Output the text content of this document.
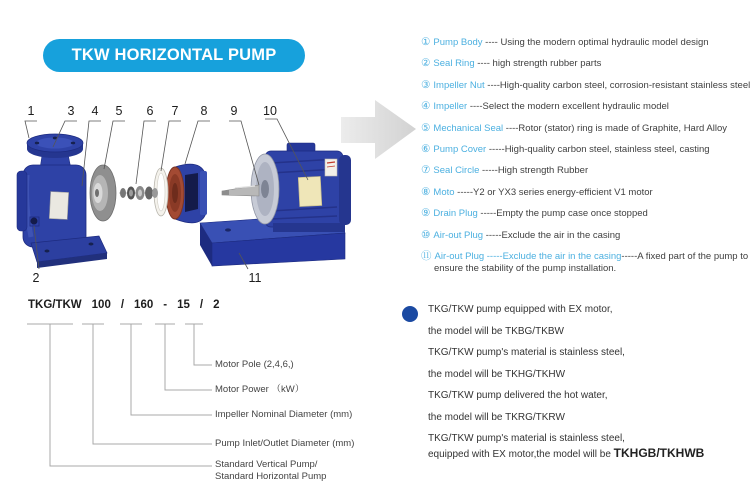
TKW HORIZONTAL PUMP
1	3 4 5 6 7 8 9 10
2	11
① Pump Body ---- Using the modern optimal hydraulic model design
② Seal Ring ---- high strength rubber parts
③ Impeller Nut ----High-quality carbon steel, corrosion-resistant stainless steel
④ Impeller ----Select the modern excellent hydraulic model
⑤ Mechanical Seal ----Rotor (stator) ring is made of Graphite, Hard Alloy
⑥ Pump Cover -----High-quality carbon steel, stainless steel, casting
⑦ Seal Circle -----High strength Rubber
⑧ Moto -----Y2 or YX3 series energy-efficient V1 motor
⑨ Drain Plug -----Empty the pump case once stopped
⑩ Air-out Plug -----Exclude the air in the casing
⑪ Air-out Plug -----Exclude the air in the casing-----A fixed part of the pump to ensure the stability of the pump installation.
TKG/TKW 100 / 160 - 15 / 2
Motor Pole (2,4,6,)
Motor Power （kW）
Impeller Nominal Diameter (mm)
Pump Inlet/Outlet Diameter (mm)
Standard Vertical Pump/
Standard Horizontal Pump
TKG/TKW pump equipped with EX motor,
the model will be TKBG/TKBW
TKG/TKW pump's material is stainless steel,
the model will be TKHG/TKHW
TKG/TKW pump delivered the hot water,
the model will be TKRG/TKRW
TKG/TKW pump's material is stainless steel,
equipped with EX motor,the model will be TKHGB/TKHWB
